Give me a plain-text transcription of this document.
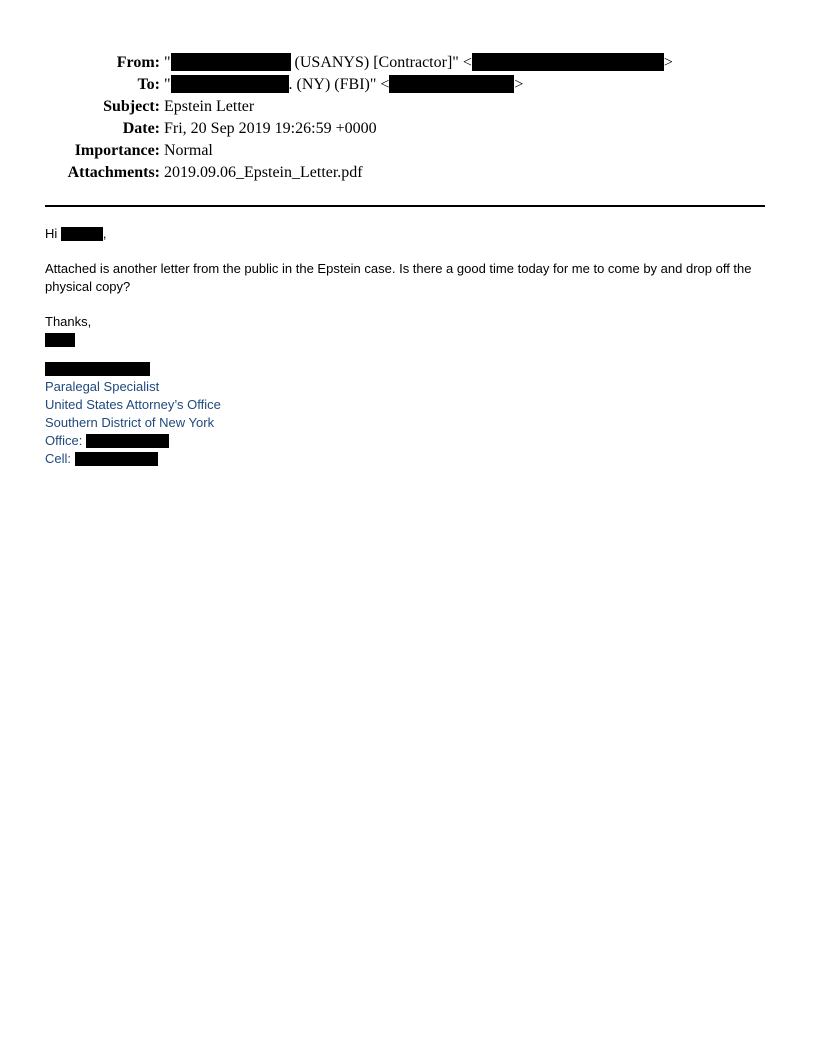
From: "	(USANYS) [Contractor]" <	>
To: "	. (NY) (FBI)" <	>
Subject: Epstein Letter
Date: Fri, 20 Sep 2019 19:26:59 +0000
Importance: Normal
Attachments: 2019.09.06_Epstein_Letter.pdf

Hi	,

Attached is another letter from the public in the Epstein case. Is there a good time today for me to come by and drop off the physical copy?

Thanks,

Paralegal Specialist
United States Attorney’s Office
Southern District of New York
Office:
Cell:
